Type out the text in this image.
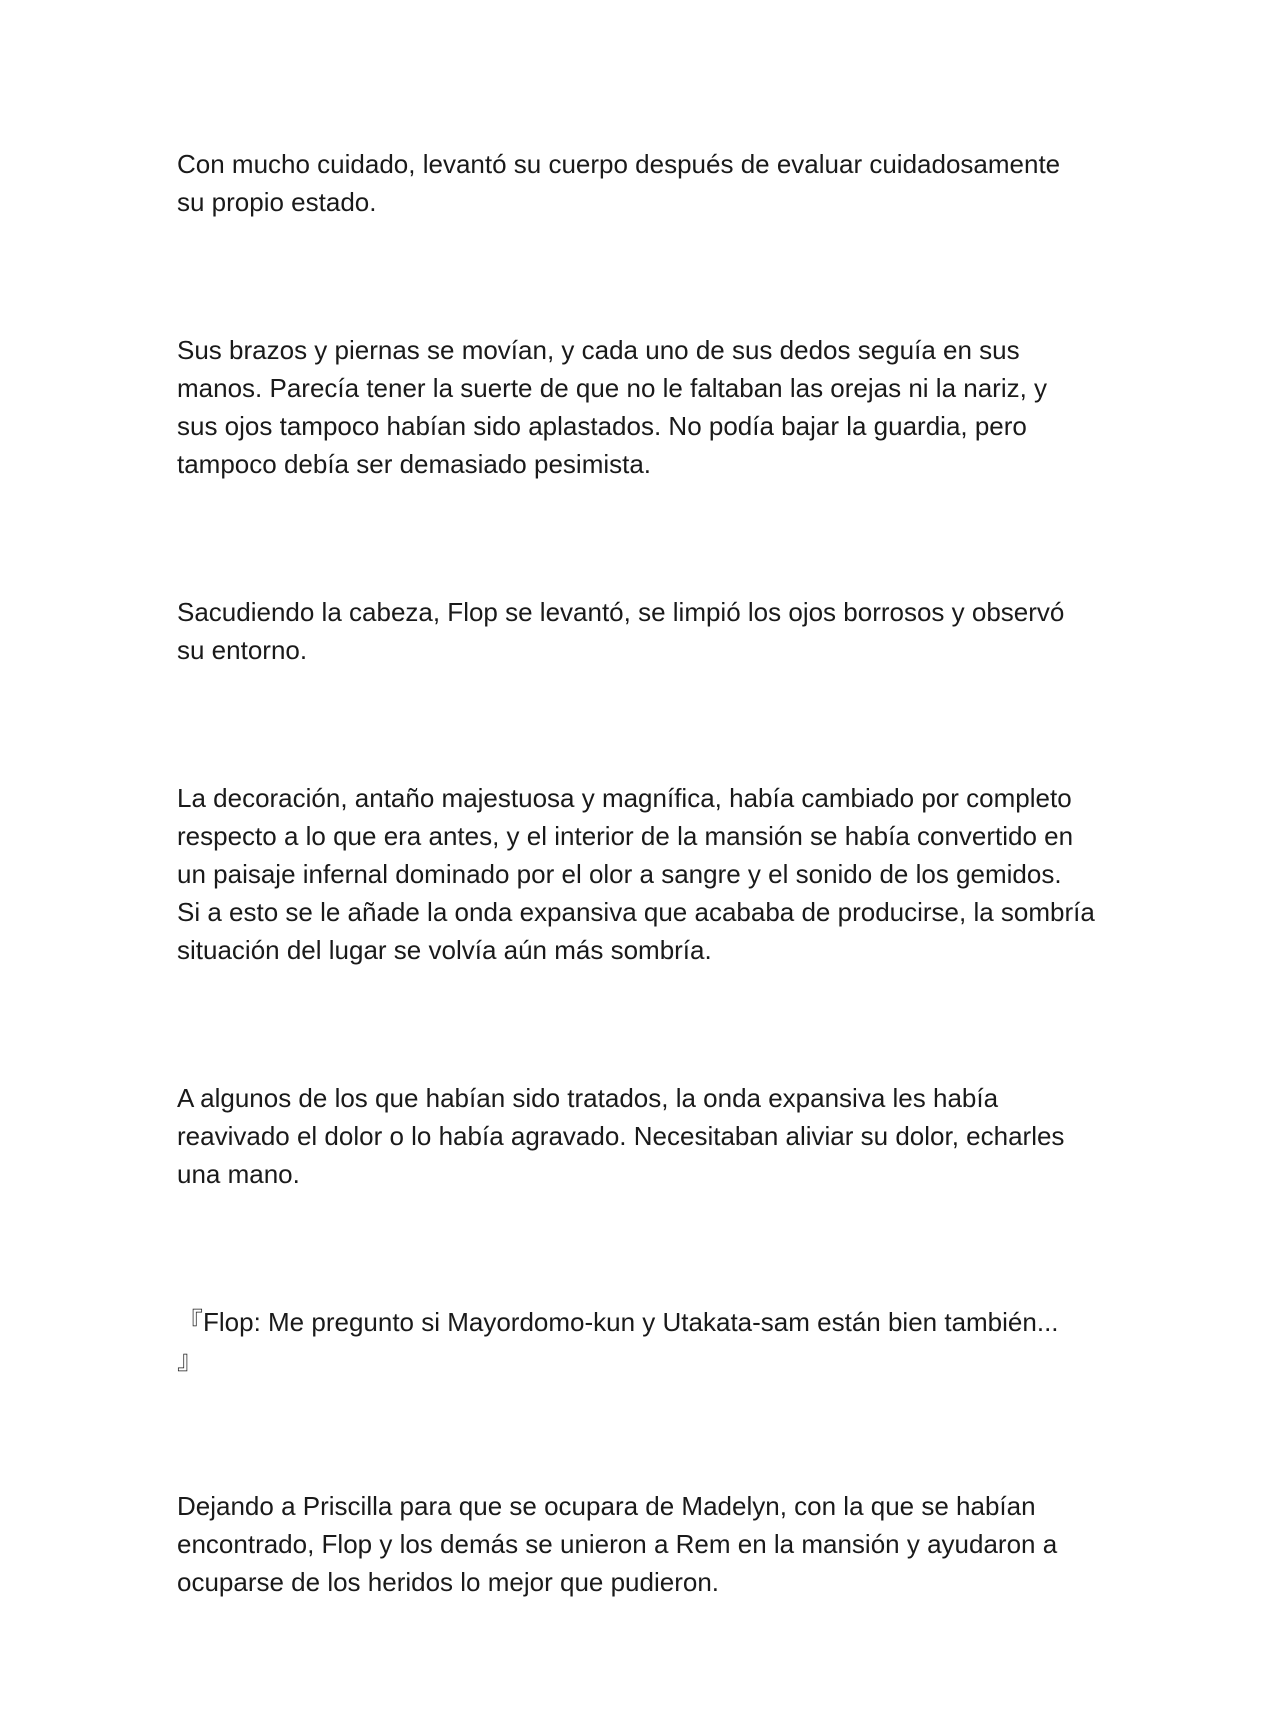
Con mucho cuidado, levantó su cuerpo después de evaluar cuidadosamente
su propio estado.

Sus brazos y piernas se movían, y cada uno de sus dedos seguía en sus
manos. Parecía tener la suerte de que no le faltaban las orejas ni la nariz, y
sus ojos tampoco habían sido aplastados. No podía bajar la guardia, pero
tampoco debía ser demasiado pesimista.

Sacudiendo la cabeza, Flop se levantó, se limpió los ojos borrosos y observó
su entorno.

La decoración, antaño majestuosa y magnífica, había cambiado por completo
respecto a lo que era antes, y el interior de la mansión se había convertido en
un paisaje infernal dominado por el olor a sangre y el sonido de los gemidos.
Si a esto se le añade la onda expansiva que acababa de producirse, la sombría
situación del lugar se volvía aún más sombría.

A algunos de los que habían sido tratados, la onda expansiva les había
reavivado el dolor o lo había agravado. Necesitaban aliviar su dolor, echarles
una mano.

『Flop: Me pregunto si Mayordomo-kun y Utakata-sam están bien también...
』

Dejando a Priscilla para que se ocupara de Madelyn, con la que se habían
encontrado, Flop y los demás se unieron a Rem en la mansión y ayudaron a
ocuparse de los heridos lo mejor que pudieron.
